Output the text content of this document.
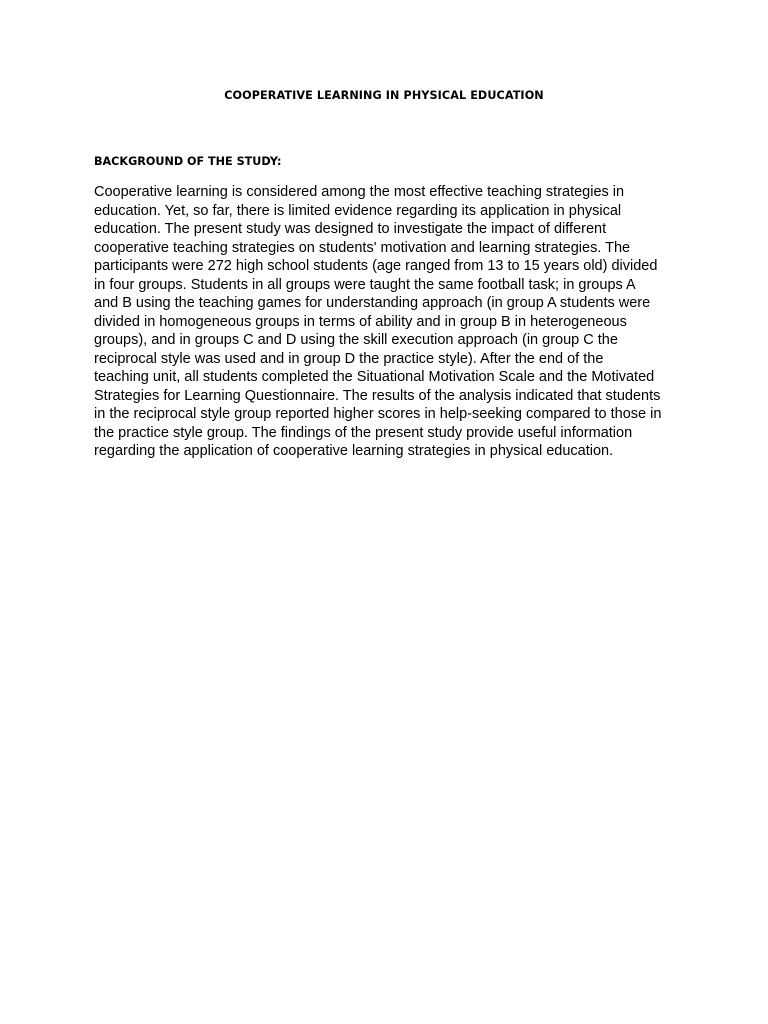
COOPERATIVE LEARNING IN PHYSICAL EDUCATION
BACKGROUND OF THE STUDY:
Cooperative learning is considered among the most effective teaching strategies in
education. Yet, so far, there is limited evidence regarding its application in physical
education. The present study was designed to investigate the impact of different
cooperative teaching strategies on students' motivation and learning strategies. The
participants were 272 high school students (age ranged from 13 to 15 years old) divided
in four groups. Students in all groups were taught the same football task; in groups A
and B using the teaching games for understanding approach (in group A students were
divided in homogeneous groups in terms of ability and in group B in heterogeneous
groups), and in groups C and D using the skill execution approach (in group C the
reciprocal style was used and in group D the practice style). After the end of the
teaching unit, all students completed the Situational Motivation Scale and the Motivated
Strategies for Learning Questionnaire. The results of the analysis indicated that students
in the reciprocal style group reported higher scores in help-seeking compared to those in
the practice style group. The findings of the present study provide useful information
regarding the application of cooperative learning strategies in physical education.
